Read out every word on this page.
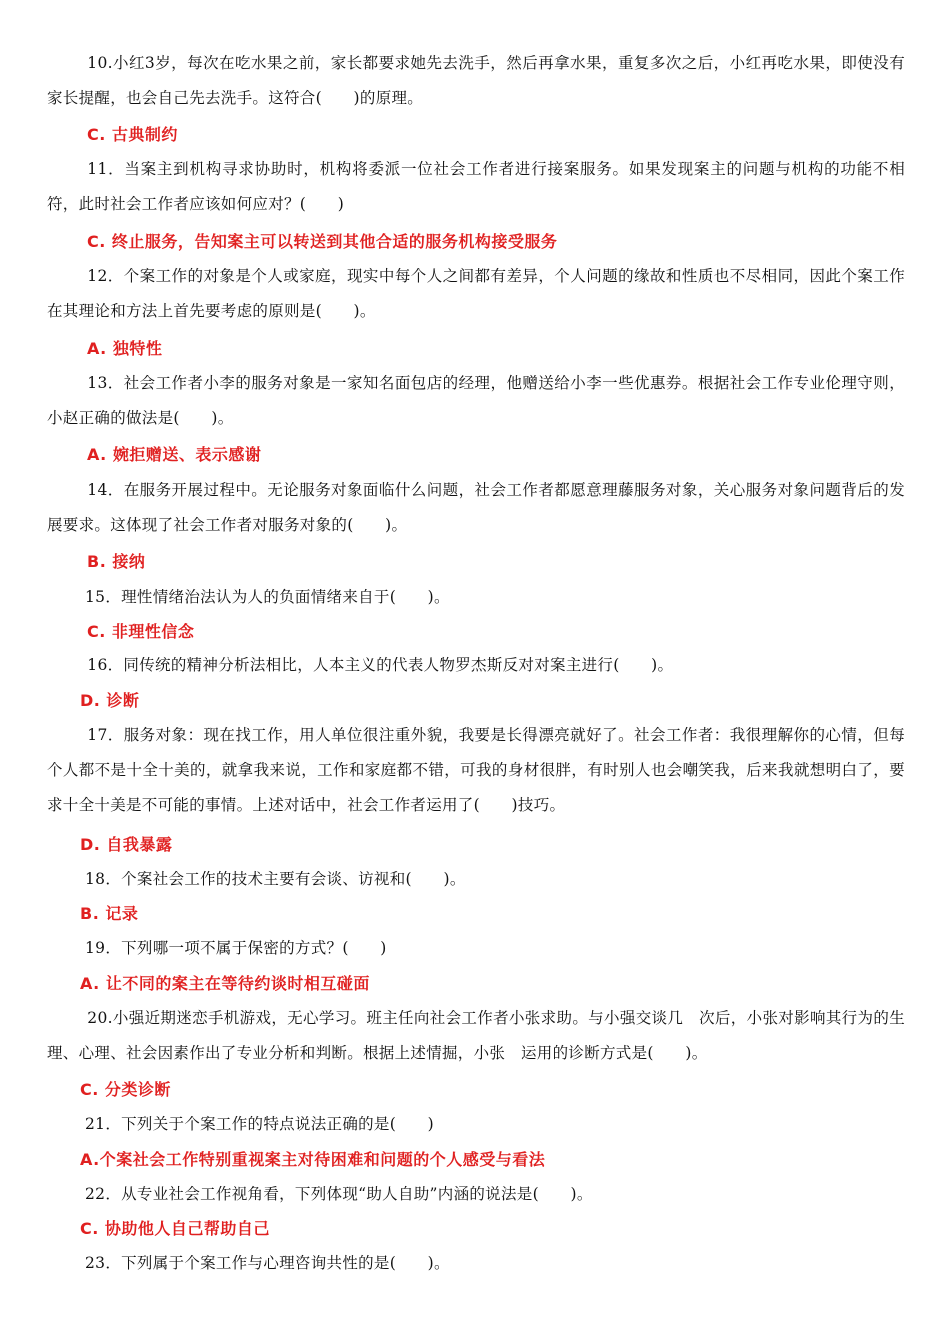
10.小红3岁，每次在吃水果之前，家长都要求她先去洗手，然后再拿水果，重复多次之后，小红再吃水果，即使没有家长提醒，也会自己先去洗手。这符合(　　)的原理。

C. 古典制约

11．当案主到机构寻求协助时，机构将委派一位社会工作者进行接案服务。如果发现案主的问题与机构的功能不相符，此时社会工作者应该如何应对？(　　)

C. 终止服务，告知案主可以转送到其他合适的服务机构接受服务

12．个案工作的对象是个人或家庭，现实中每个人之间都有差异，个人问题的缘故和性质也不尽相同，因此个案工作在其理论和方法上首先要考虑的原则是(　　)。

A. 独特性

13．社会工作者小李的服务对象是一家知名面包店的经理，他赠送给小李一些优惠券。根据社会工作专业伦理守则，小赵正确的做法是(　　)。

A. 婉拒赠送、表示感谢

14．在服务开展过程中。无论服务对象面临什么问题，社会工作者都愿意理藤服务对象，关心服务对象问题背后的发展要求。这体现了社会工作者对服务对象的(　　)。

B. 接纳

15．理性情绪治法认为人的负面情绪来自于(　　)。

C. 非理性信念

16．同传统的精神分析法相比，人本主义的代表人物罗杰斯反对对案主进行(　　)。

D. 诊断

17．服务对象：现在找工作，用人单位很注重外貌，我要是长得漂亮就好了。社会工作者：我很理解你的心情，但每个人都不是十全十美的，就拿我来说，工作和家庭都不错，可我的身材很胖，有时别人也会嘲笑我，后来我就想明白了，要求十全十美是不可能的事情。上述对话中，社会工作者运用了(　　)技巧。

D. 自我暴露

18．个案社会工作的技术主要有会谈、访视和(　　)。

B. 记录

19．下列哪一项不属于保密的方式？(　　)

A. 让不同的案主在等待约谈时相互碰面

20.小强近期迷恋手机游戏，无心学习。班主任向社会工作者小张求助。与小强交谈几　次后，小张对影响其行为的生理、心理、社会因素作出了专业分析和判断。根据上述情掘，小张　运用的诊断方式是(　　)。

C. 分类诊断

21．下列关于个案工作的特点说法正确的是(　　)

A.个案社会工作特别重视案主对待困难和问题的个人感受与看法

22．从专业社会工作视角看，下列体现“助人自助”内涵的说法是(　　)。

C. 协助他人自己帮助自己

23．下列属于个案工作与心理咨询共性的是(　　)。
